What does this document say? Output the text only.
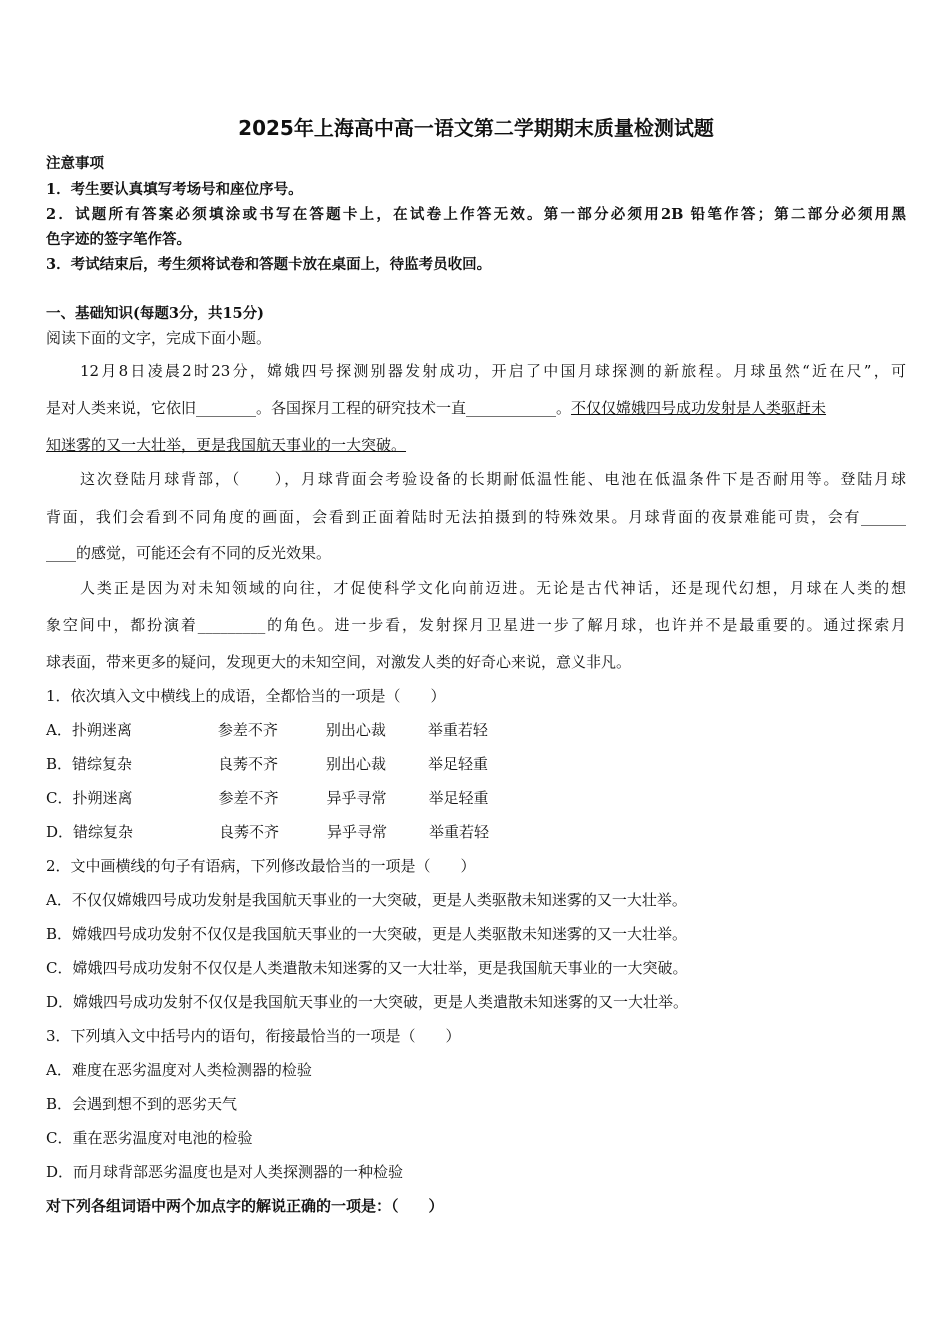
2025年上海高中高一语文第二学期期末质量检测试题
注意事项
1．考生要认真填写考场号和座位序号。
2．试题所有答案必须填涂或书写在答题卡上，在试卷上作答无效。第一部分必须用2B 铅笔作答；第二部分必须用黑
色字迹的签字笔作答。
3．考试结束后，考生须将试卷和答题卡放在桌面上，待监考员收回。
一、基础知识(每题3分，共15分)
阅读下面的文字，完成下面小题。
12月8日凌晨2时23分，嫦娥四号探测别器发射成功，开启了中国月球探测的新旅程。月球虽然“近在尺”，可
是对人类来说，它依旧________。各国探月工程的研究技术一直____________。不仅仅嫦娥四号成功发射是人类驱赶未
知迷雾的又一大壮举，更是我国航天事业的一大突破。
这次登陆月球背部，（　　），月球背面会考验设备的长期耐低温性能、电池在低温条件下是否耐用等。登陆月球
背面，我们会看到不同角度的画面，会看到正面着陆时无法拍摄到的特殊效果。月球背面的夜景难能可贵，会有______
____的感觉，可能还会有不同的反光效果。
人类正是因为对未知领域的向往，才促使科学文化向前迈进。无论是古代神话，还是现代幻想，月球在人类的想
象空间中，都扮演着_________的角色。进一步看，发射探月卫星进一步了解月球，也许并不是最重要的。通过探索月
球表面，带来更多的疑问，发现更大的未知空间，对激发人类的好奇心来说，意义非凡。
1．依次填入文中横线上的成语，全都恰当的一项是（　　）
A．扑朔迷离	参差不齐	别出心裁	举重若轻
B．错综复杂	良莠不齐	别出心裁	举足轻重
C．扑朔迷离	参差不齐	异乎寻常	举足轻重
D．错综复杂	良莠不齐	异乎寻常	举重若轻
2．文中画横线的句子有语病，下列修改最恰当的一项是（　　）
A．不仅仅嫦娥四号成功发射是我国航天事业的一大突破，更是人类驱散未知迷雾的又一大壮举。
B．嫦娥四号成功发射不仅仅是我国航天事业的一大突破，更是人类驱散未知迷雾的又一大壮举。
C．嫦娥四号成功发射不仅仅是人类遣散未知迷雾的又一大壮举，更是我国航天事业的一大突破。
D．嫦娥四号成功发射不仅仅是我国航天事业的一大突破，更是人类遣散未知迷雾的又一大壮举。
3．下列填入文中括号内的语句，衔接最恰当的一项是（　　）
A．难度在恶劣温度对人类检测器的检验
B．会遇到想不到的恶劣天气
C．重在恶劣温度对电池的检验
D．而月球背部恶劣温度也是对人类探测器的一种检验
对下列各组词语中两个加点字的解说正确的一项是：（　　）
